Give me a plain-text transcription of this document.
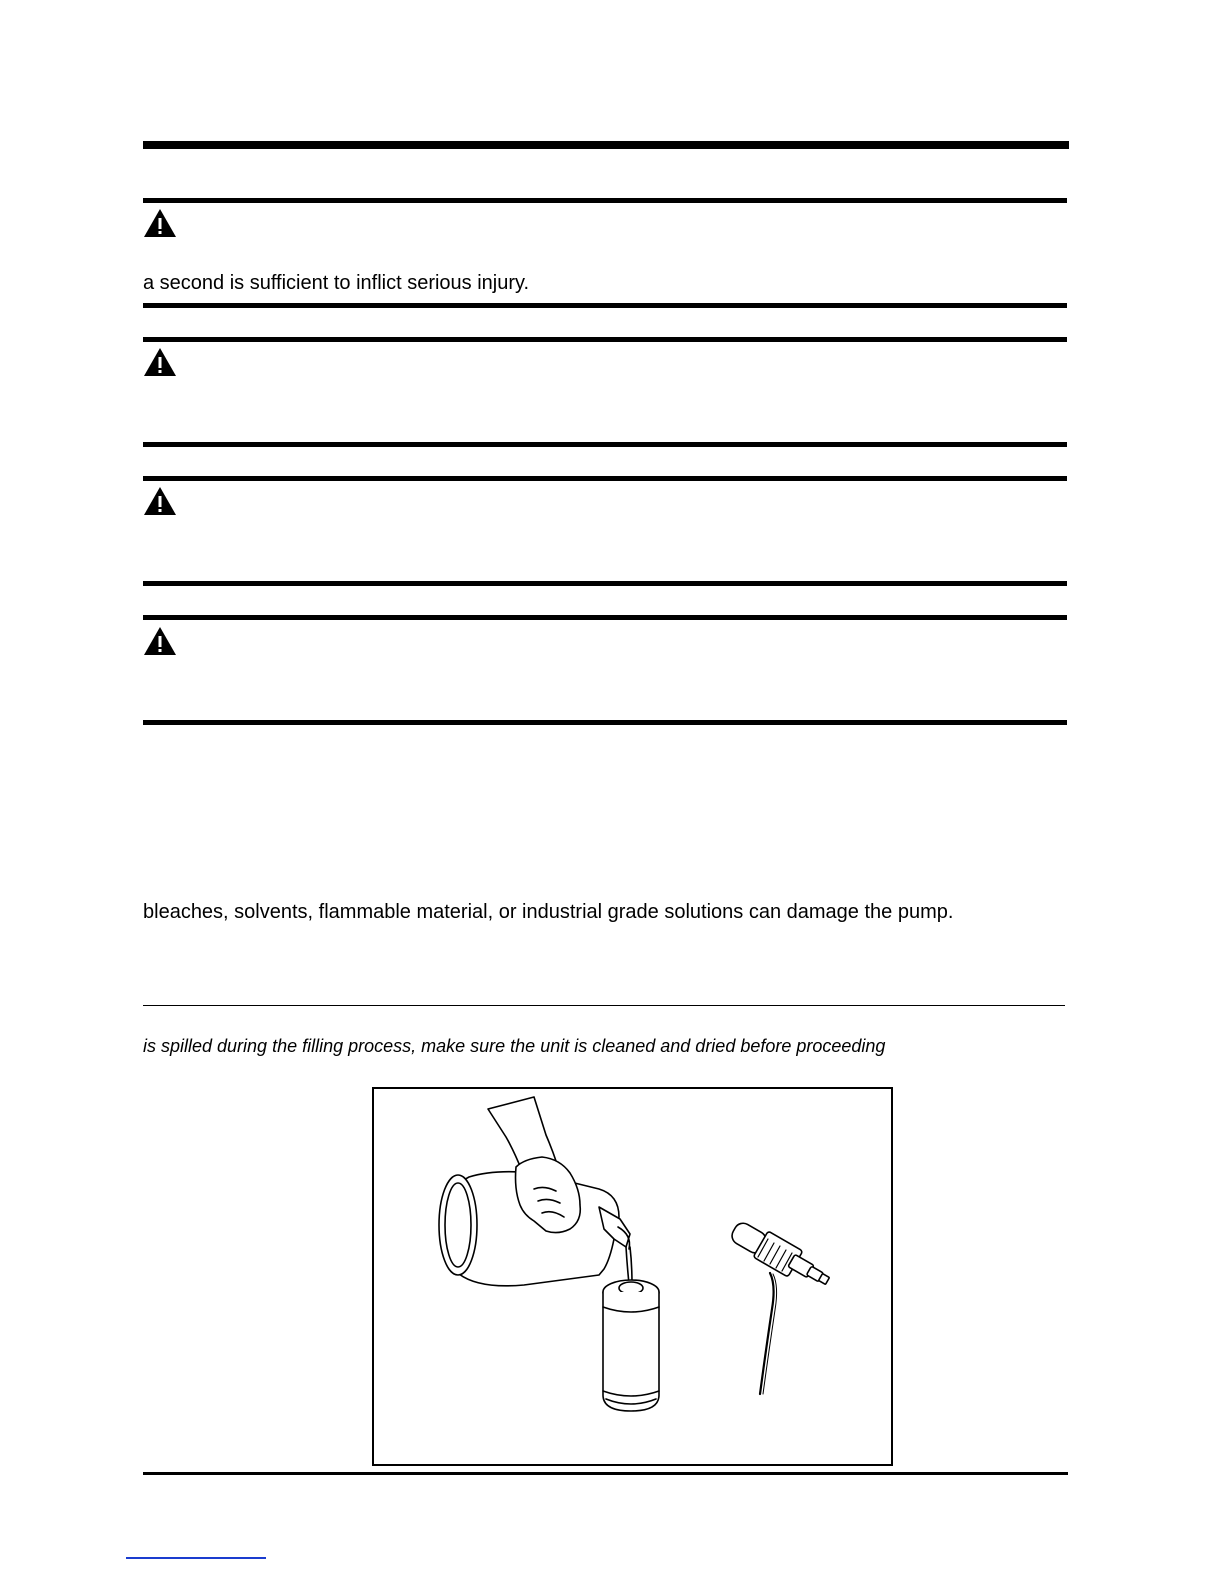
a second is sufficient to inflict serious injury.
bleaches, solvents, flammable material, or industrial grade solutions can damage the pump.
is spilled during the filling process, make sure the unit is cleaned and dried before proceeding
